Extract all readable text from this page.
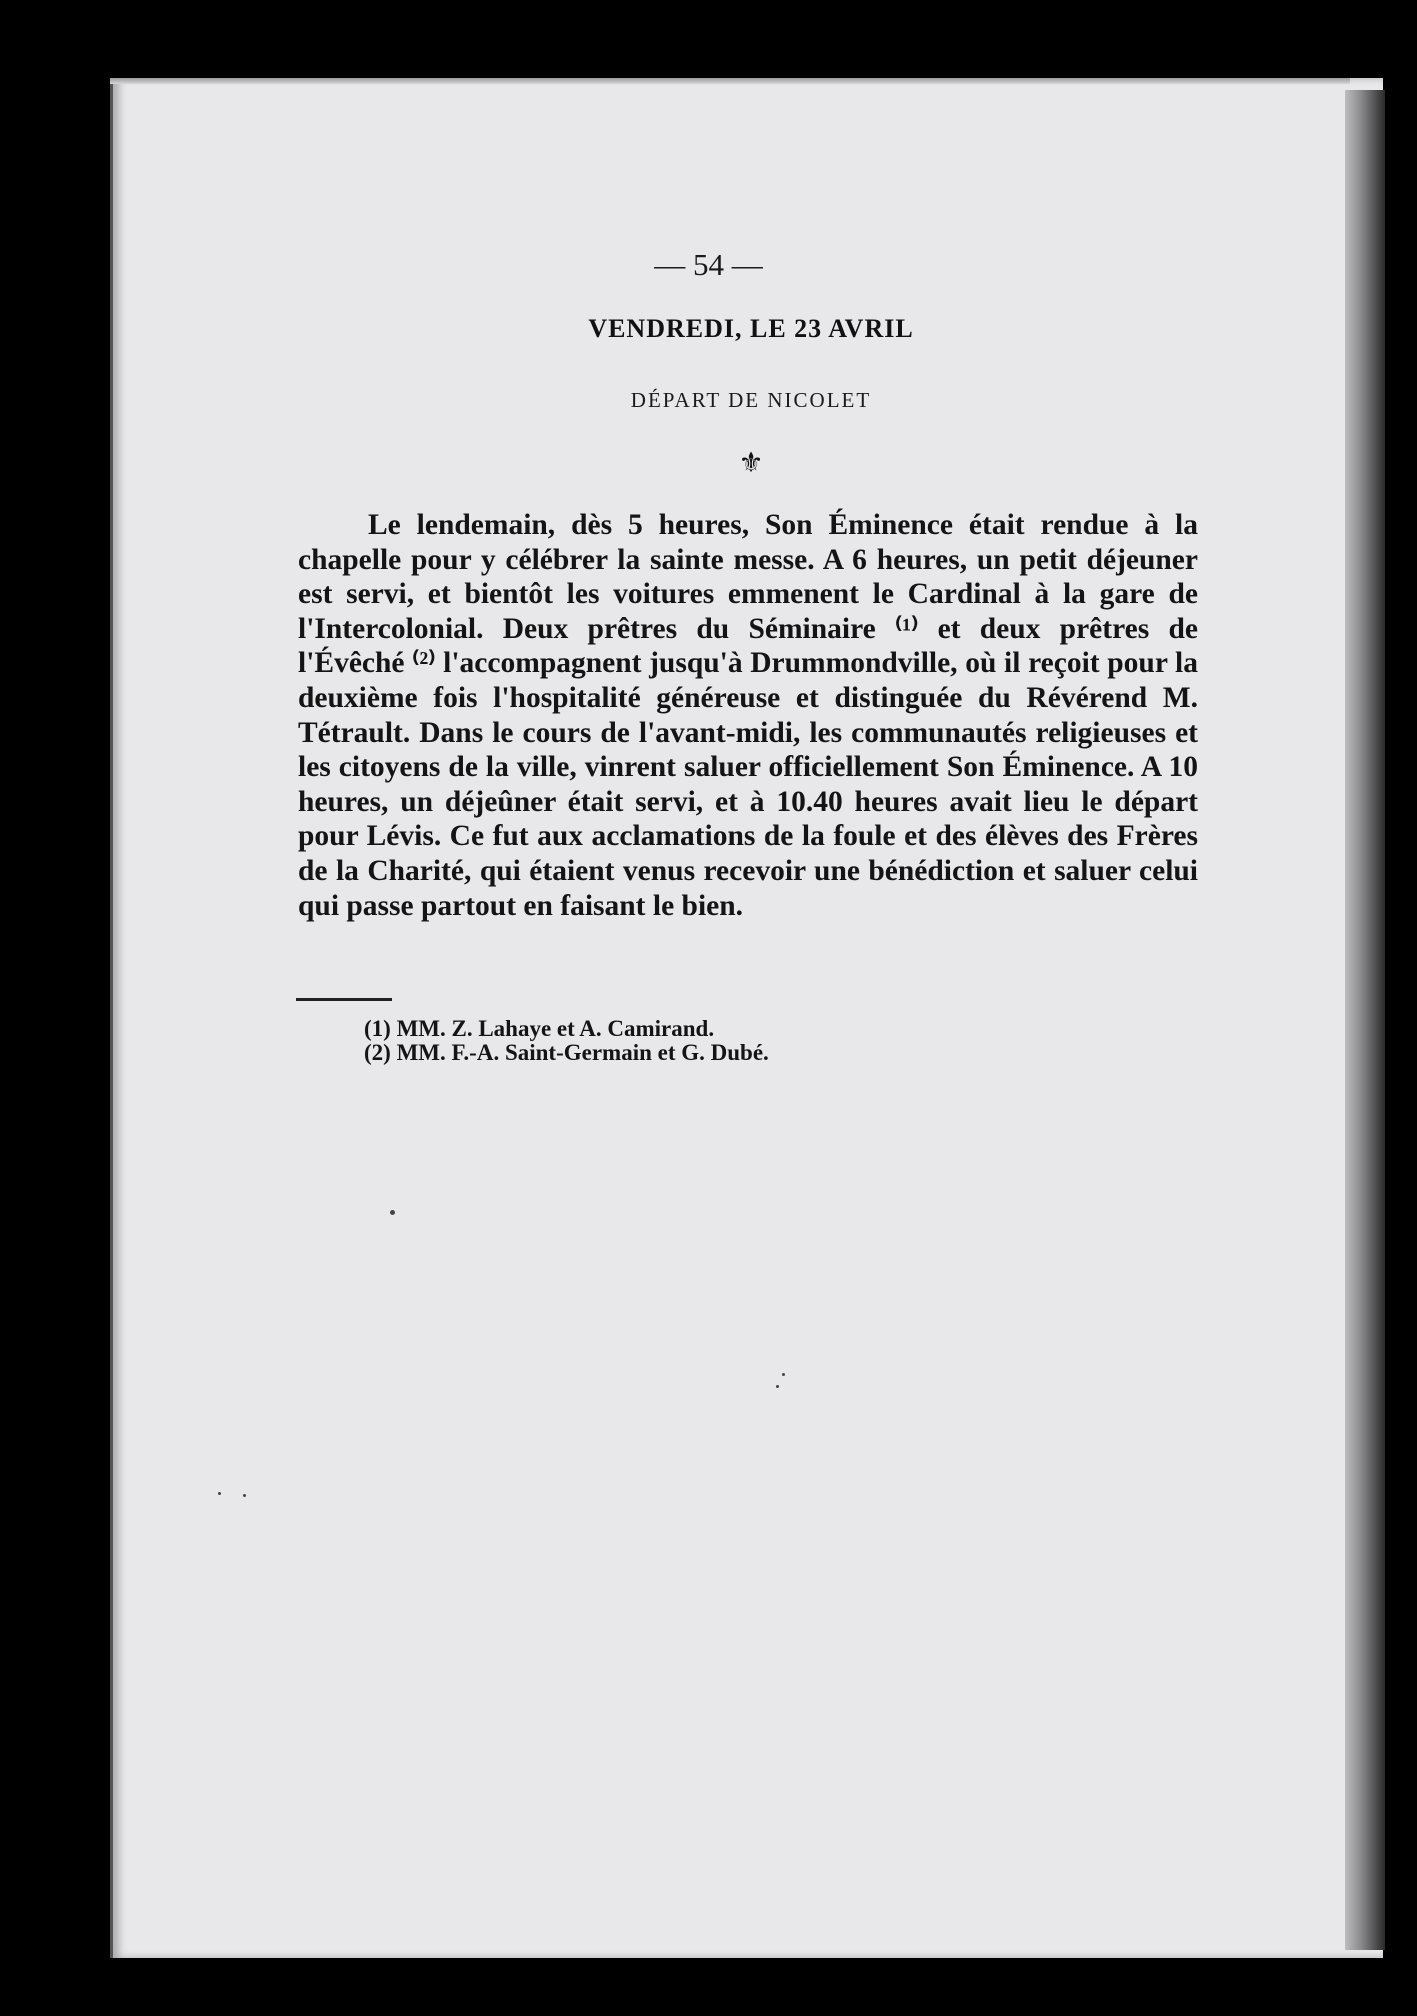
— 54 —
VENDREDI, LE 23 AVRIL
DÉPART DE NICOLET
⚜

Le lendemain, dès 5 heures, Son Éminence était rendue à la chapelle pour y célébrer la sainte messe. A 6 heures, un petit déjeuner est servi, et bientôt les voitures emmenent le Cardinal à la gare de l'Intercolonial. Deux prêtres du Séminaire ⁽¹⁾ et deux prêtres de l'Évêché ⁽²⁾ l'accompagnent jusqu'à Drummondville, où il reçoit pour la deuxième fois l'hospitalité généreuse et distinguée du Révérend M. Tétrault. Dans le cours de l'avant-midi, les communautés religieuses et les citoyens de la ville, vinrent saluer officiellement Son Éminence. A 10 heures, un déjeûner était servi, et à 10.40 heures avait lieu le départ pour Lévis. Ce fut aux acclamations de la foule et des élèves des Frères de la Charité, qui étaient venus recevoir une bénédiction et saluer celui qui passe partout en faisant le bien.

(1) MM. Z. Lahaye et A. Camirand.
(2) MM. F.-A. Saint-Germain et G. Dubé.
